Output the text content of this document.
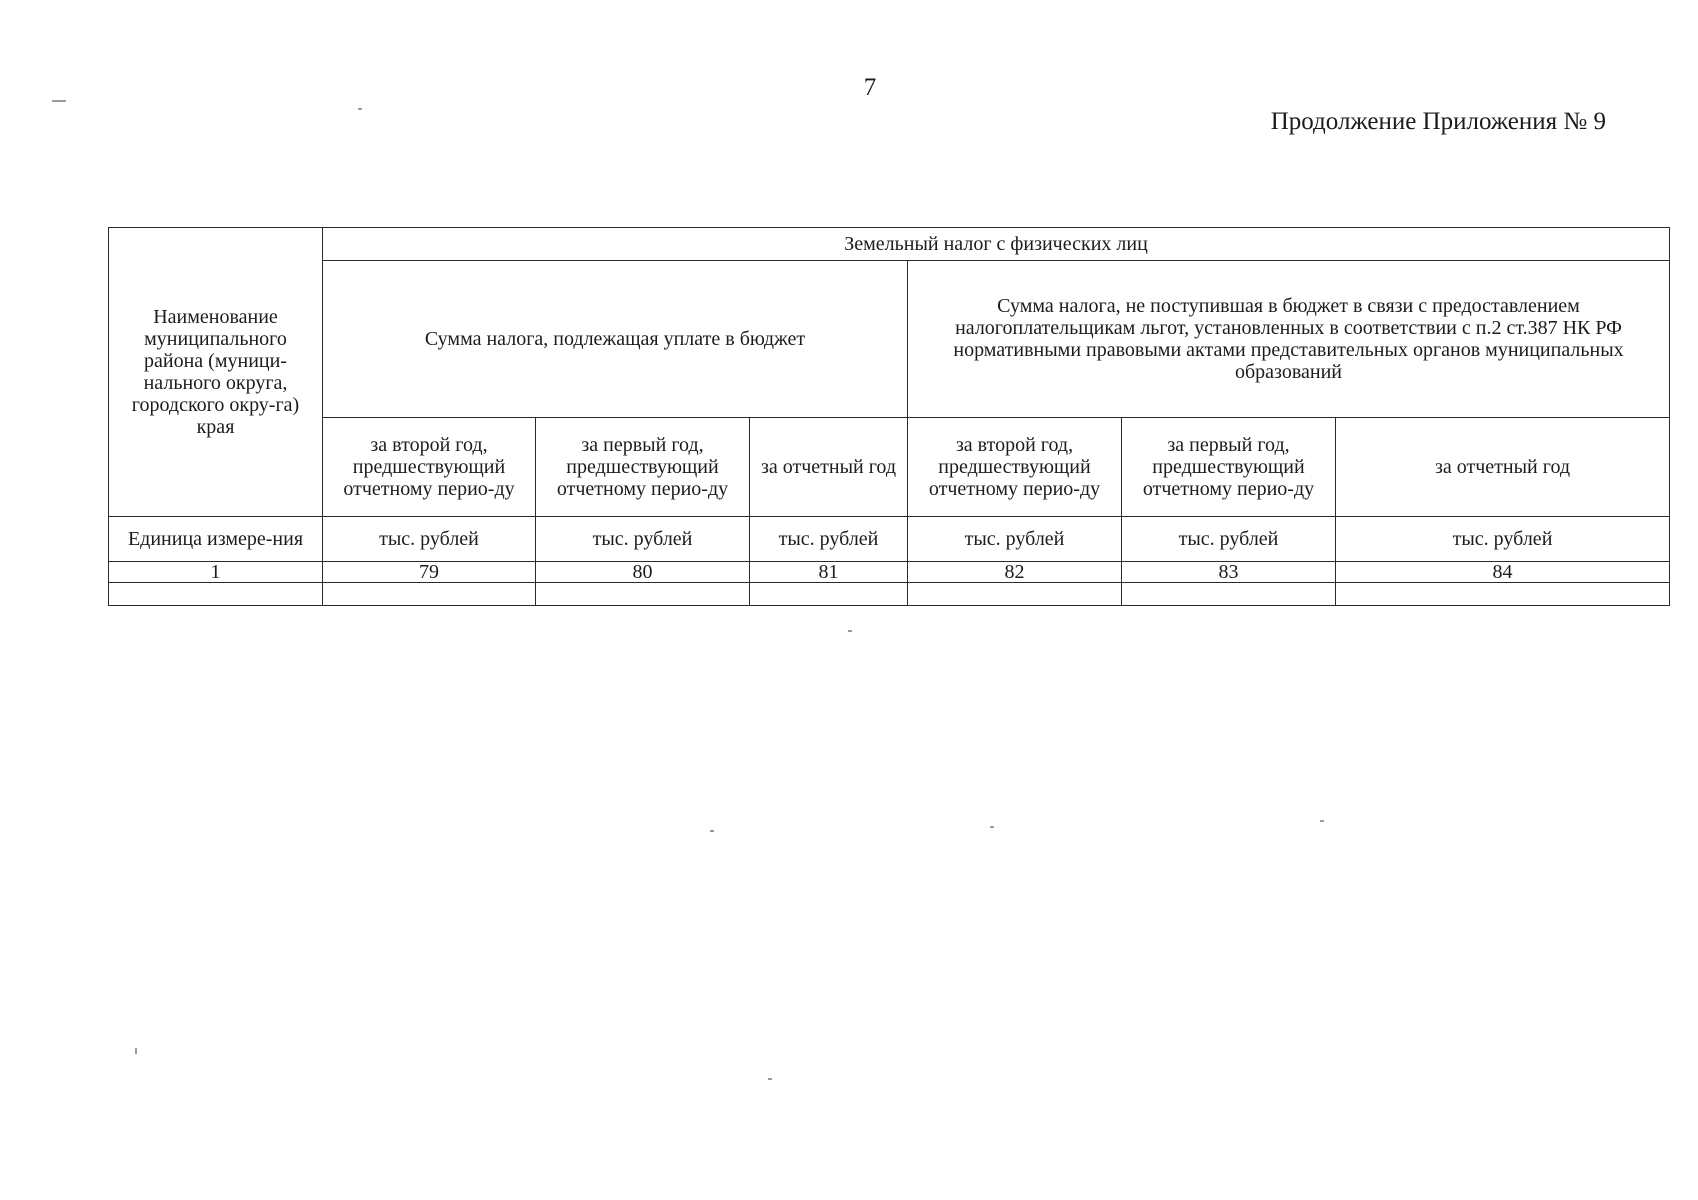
7
Продолжение Приложения № 9
Наименование муниципального района (муници-нального округа, городского окру-га) края	Земельный налог с физических лиц					
	Сумма налога, подлежащая уплате в бюджет			Сумма налога, не поступившая в бюджет в связи с предоставлением налогоплательщикам льгот, установленных в соответствии с п.2 ст.387 НК РФ нормативными правовыми актами представительных органов муниципальных образований		
	за второй год, предшествующий отчетному перио-ду	за первый год, предшествующий отчетному перио-ду	за отчетный год	за второй год, предшествующий отчетному перио-ду	за первый год, предшествующий отчетному перио-ду	за отчетный год
Единица измере-ния	тыс. рублей	тыс. рублей	тыс. рублей	тыс. рублей	тыс. рублей	тыс. рублей
1	79	80	81	82	83	84
